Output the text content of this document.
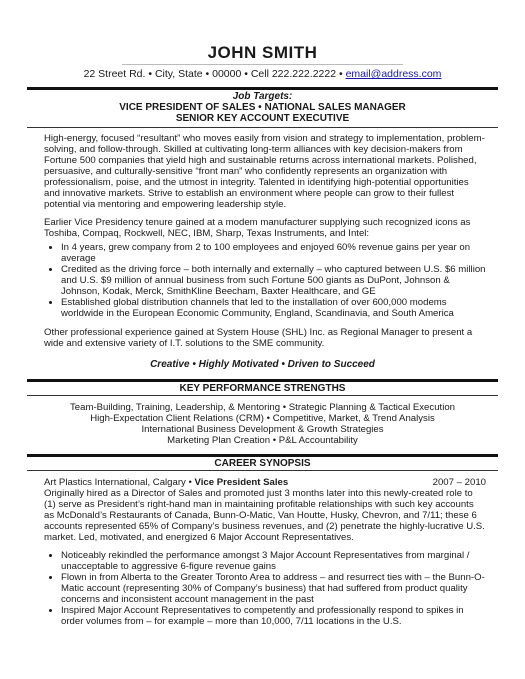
JOHN SMITH
22 Street Rd. • City, State • 00000 • Cell 222.222.2222 • email@address.com
Job Targets:
VICE PRESIDENT OF SALES • NATIONAL SALES MANAGER
SENIOR KEY ACCOUNT EXECUTIVE

High-energy, focused “resultant” who moves easily from vision and strategy to implementation, problem-solving, and follow-through. Skilled at cultivating long-term alliances with key decision-makers from Fortune 500 companies that yield high and sustainable returns across international markets. Polished, persuasive, and culturally-sensitive “front man” who confidently represents an organization with professionalism, poise, and the utmost in integrity. Talented in identifying high-potential opportunities and innovative markets. Strive to establish an environment where people can grow to their fullest potential via mentoring and empowering leadership style.

Earlier Vice Presidency tenure gained at a modem manufacturer supplying such recognized icons as Toshiba, Compaq, Rockwell, NEC, IBM, Sharp, Texas Instruments, and Intel:

• In 4 years, grew company from 2 to 100 employees and enjoyed 60% revenue gains per year on average
• Credited as the driving force – both internally and externally – who captured between U.S. $6 million and U.S. $9 million of annual business from such Fortune 500 giants as DuPont, Johnson & Johnson, Kodak, Merck, SmithKline Beecham, Baxter Healthcare, and GE
• Established global distribution channels that led to the installation of over 600,000 modems worldwide in the European Economic Community, England, Scandinavia, and South America

Other professional experience gained at System House (SHL) Inc. as Regional Manager to present a wide and extensive variety of I.T. solutions to the SME community.

Creative • Highly Motivated • Driven to Succeed
KEY PERFORMANCE STRENGTHS
Team-Building, Training, Leadership, & Mentoring • Strategic Planning & Tactical Execution
High-Expectation Client Relations (CRM) • Competitive, Market, & Trend Analysis
International Business Development & Growth Strategies
Marketing Plan Creation • P&L Accountability
CAREER SYNOPSIS
Art Plastics International, Calgary • Vice President Sales	2007 – 2010

Originally hired as a Director of Sales and promoted just 3 months later into this newly-created role to (1) serve as President’s right-hand man in maintaining profitable relationships with such key accounts as McDonald’s Restaurants of Canada, Bunn-O-Matic, Van Houtte, Husky, Chevron, and 7/11; these 6 accounts represented 65% of Company’s business revenues, and (2) penetrate the highly-lucrative U.S. market. Led, motivated, and energized 6 Major Account Representatives.

• Noticeably rekindled the performance amongst 3 Major Account Representatives from marginal / unacceptable to aggressive 6-figure revenue gains
• Flown in from Alberta to the Greater Toronto Area to address – and resurrect ties with – the Bunn-O-Matic account (representing 30% of Company’s business) that had suffered from product quality concerns and inconsistent account management in the past
• Inspired Major Account Representatives to competently and professionally respond to spikes in order volumes from – for example – more than 10,000, 7/11 locations in the U.S.
